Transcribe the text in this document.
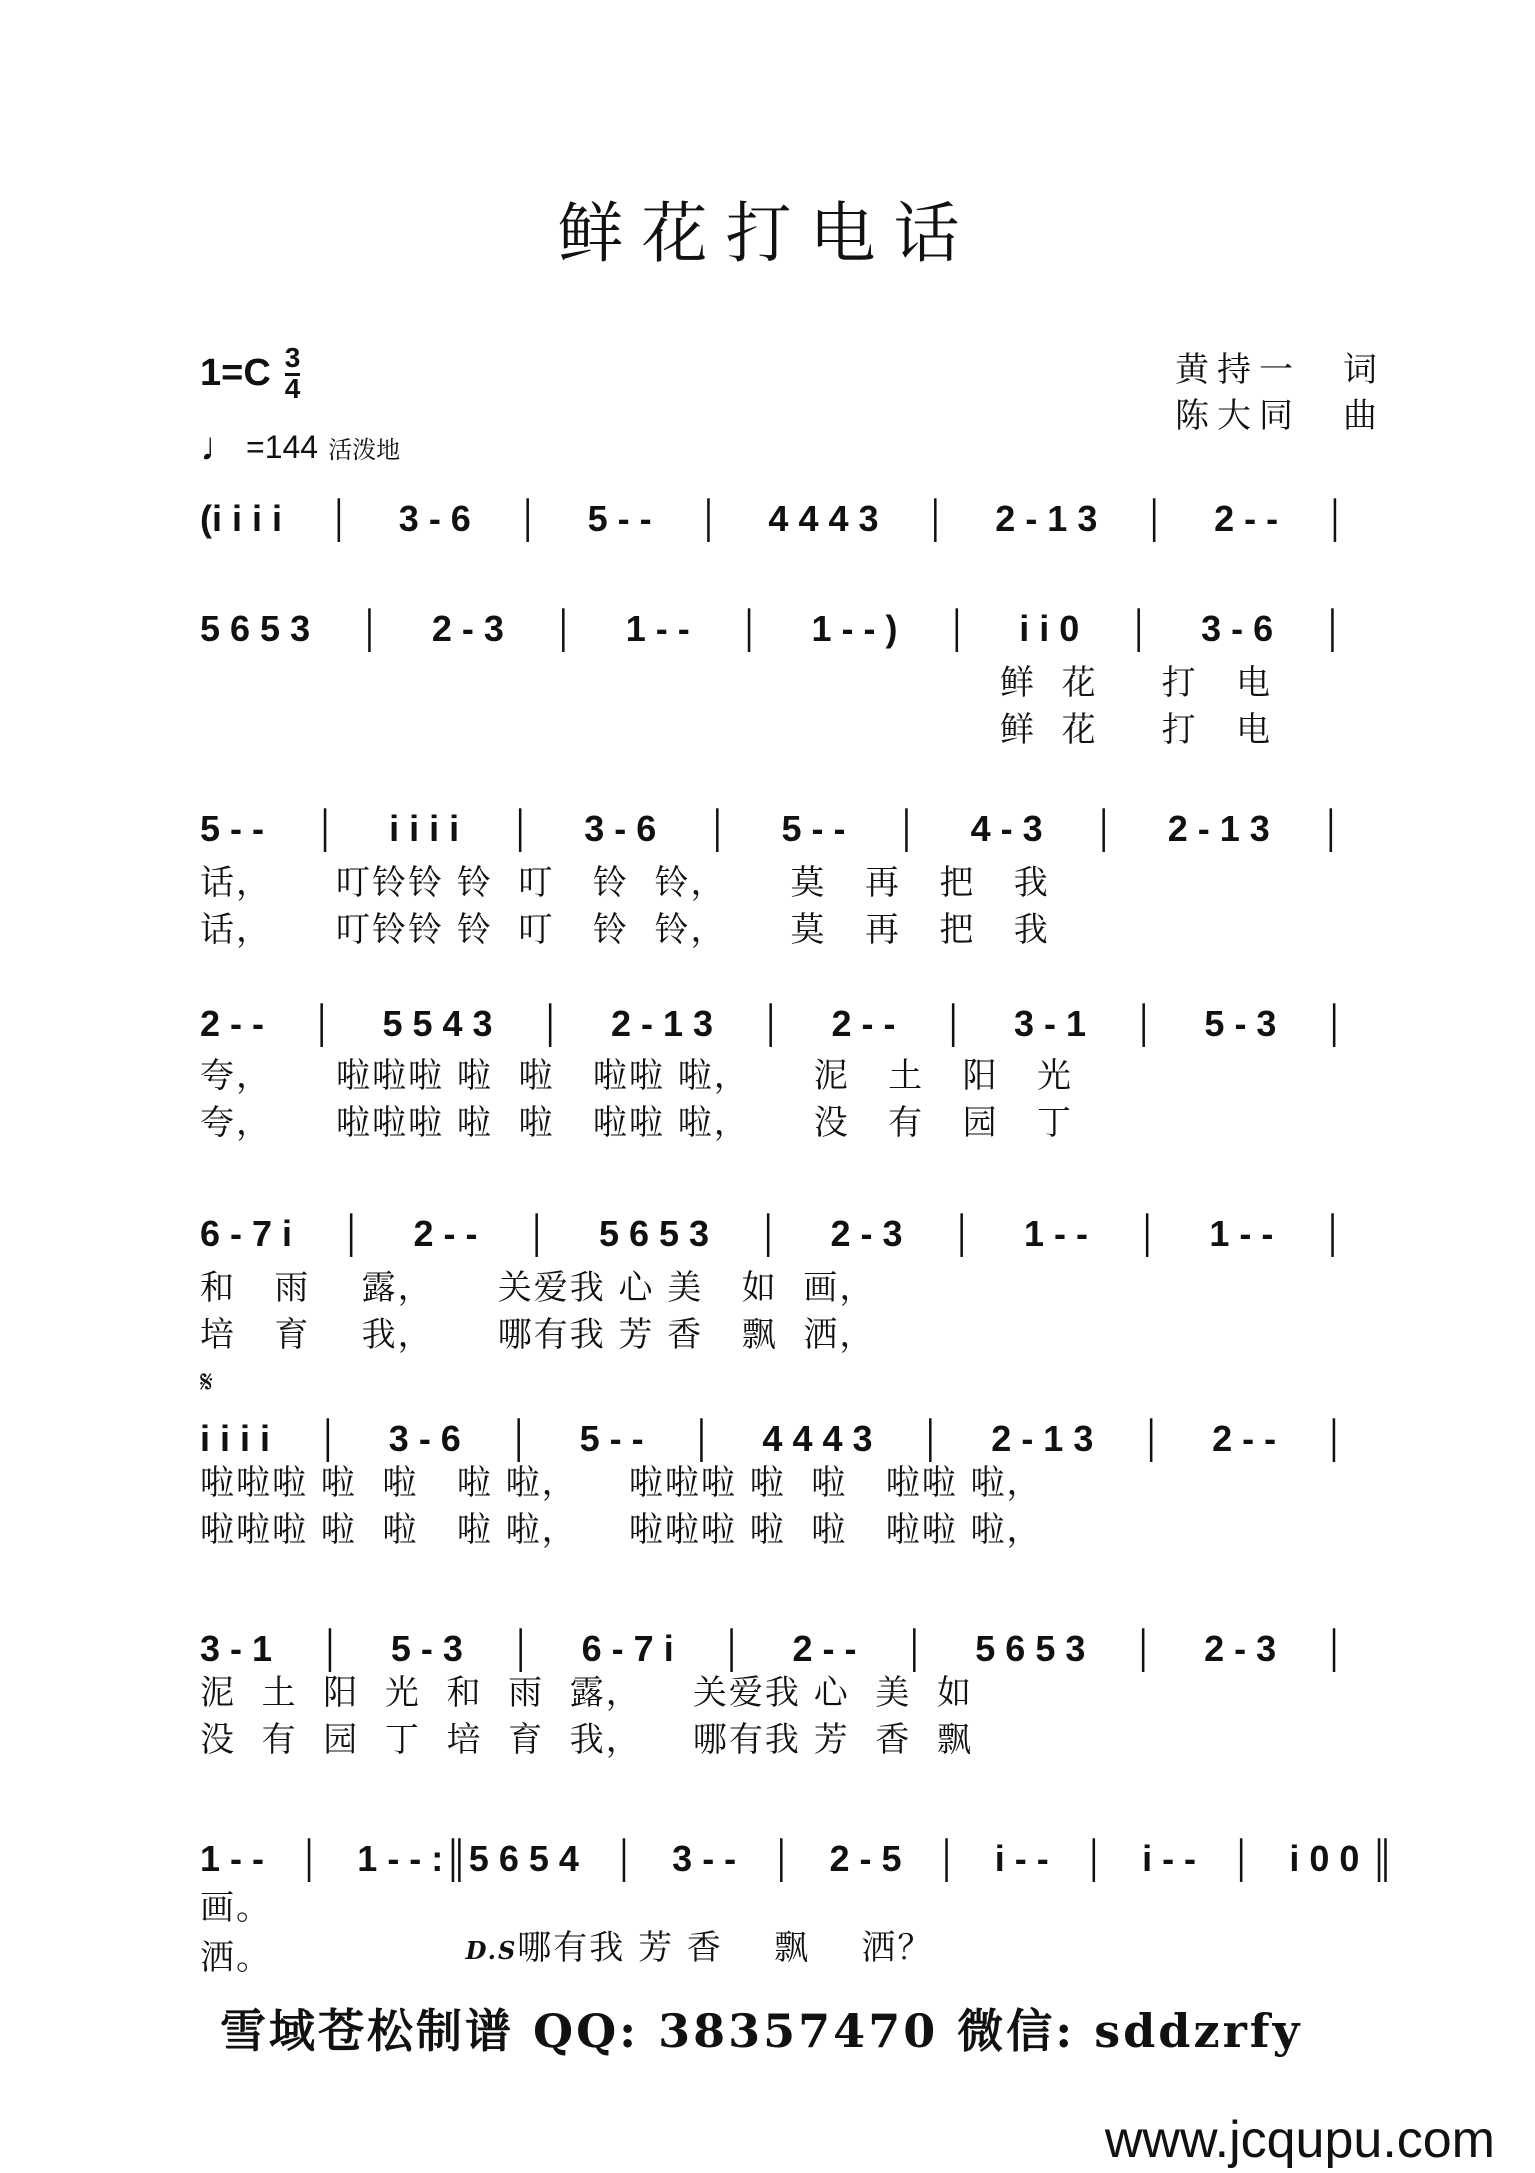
鲜花打电话
1=C 3
4
♩ =144 活泼地
黄持一　词
陈大同　曲
(i i i i │ 3 - 6 │ 5 - - │ 4 4 4 3 │ 2 - 1 3 │ 2 - - │
5 6 5 3 │ 2 - 3 │ 1 - - │ 1 - - ) │ i i 0 │ 3 - 6 │
5 - - │ i i i i │ 3 - 6 │ 5 - - │ 4 - 3 │ 2 - 1 3 │
2 - - │ 5 5 4 3 │ 2 - 1 3 │ 2 - - │ 3 - 1 │ 5 - 3 │
6 - 7 i │ 2 - - │ 5 6 5 3 │ 2 - 3 │ 1 - - │ 1 - - │
𝄋
i i i i │ 3 - 6 │ 5 - - │ 4 4 4 3 │ 2 - 1 3 │ 2 - - │
3 - 1 │ 5 - 3 │ 6 - 7 i │ 2 - - │ 5 6 5 3 │ 2 - 3 │
1 - - │ 1 - - :║5 6 5 4 │ 3 - - │ 2 - 5 │ i - - │ i - - │ i 0 0 ║
鲜  花     打   电
鲜  花     打   电
话，     叮铃铃 铃  叮   铃  铃，     莫   再   把   我
话，     叮铃铃 铃  叮   铃  铃，     莫   再   把   我
夸，     啦啦啦 啦  啦   啦啦 啦，     泥   土   阳   光
夸，     啦啦啦 啦  啦   啦啦 啦，     没   有   园   丁
和   雨    露，     关爱我 心 美   如  画，
培   育    我，     哪有我 芳 香   飘  洒，
啦啦啦 啦  啦   啦 啦，    啦啦啦 啦  啦   啦啦 啦，
啦啦啦 啦  啦   啦 啦，    啦啦啦 啦  啦   啦啦 啦，
泥  土  阳  光  和  雨  露，    关爱我 心  美  如
没  有  园  丁  培  育  我，    哪有我 芳  香  飘
画。

D.S哪有我 芳 香    飘    洒？

洒。
雪域苍松制谱 QQ: 38357470 微信: sddzrfy
www.jcqupu.com
